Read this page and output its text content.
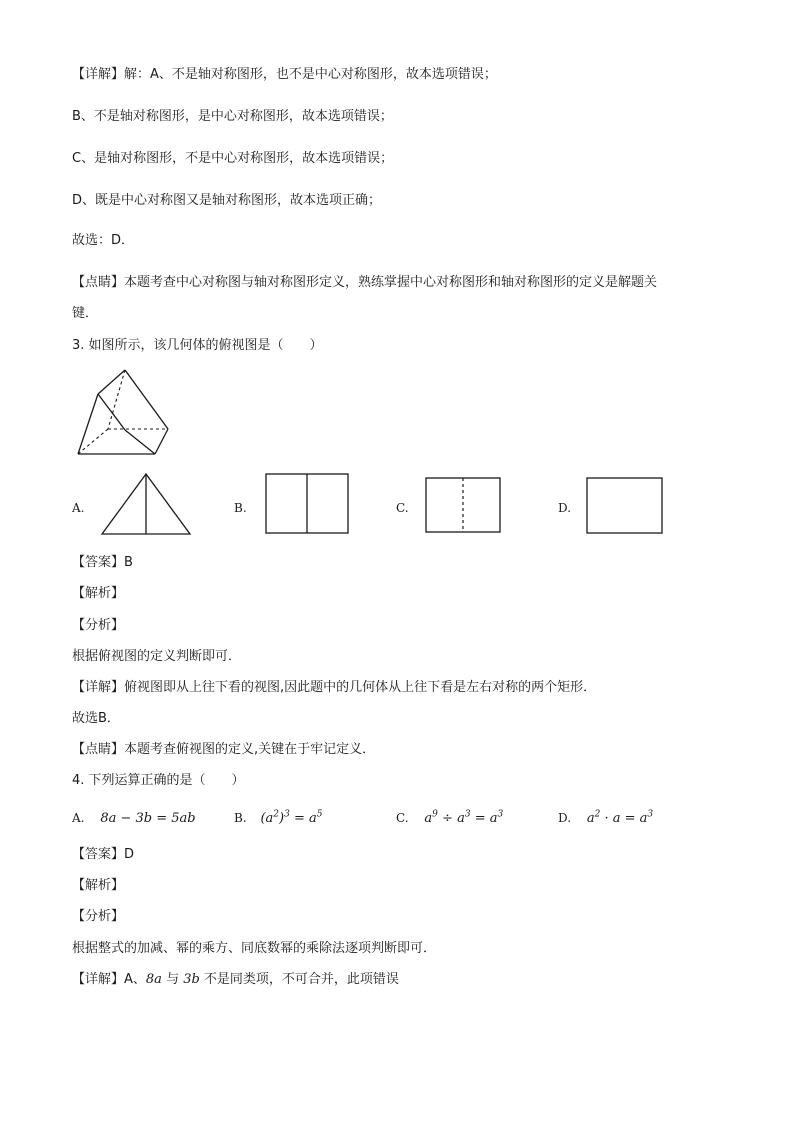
【详解】解：A、不是轴对称图形，也不是中心对称图形，故本选项错误；
B、不是轴对称图形，是中心对称图形，故本选项错误；
C、是轴对称图形，不是中心对称图形，故本选项错误；
D、既是中心对称图又是轴对称图形，故本选项正确；
故选：D．
【点睛】本题考查中心对称图与轴对称图形定义，熟练掌握中心对称图形和轴对称图形的定义是解题关
键．
3. 如图所示，该几何体的俯视图是（　　）
A.	B.	C.	D.
【答案】B
【解析】
【分析】
根据俯视图的定义判断即可．
【详解】俯视图即从上往下看的视图,因此题中的几何体从上往下看是左右对称的两个矩形．
故选B．
【点睛】本题考查俯视图的定义,关键在于牢记定义．
4. 下列运算正确的是（　　）
A. 8a − 3b = 5ab	B. $(a^2)^3 = a^5$	C. $a^9 \div a^3 = a^3$	D. $a^2 \cdot a = a^3$
【答案】D
【解析】
【分析】
根据整式的加减、幂的乘方、同底数幂的乘除法逐项判断即可．
【详解】A、8a 与 3b 不是同类项，不可合并，此项错误
